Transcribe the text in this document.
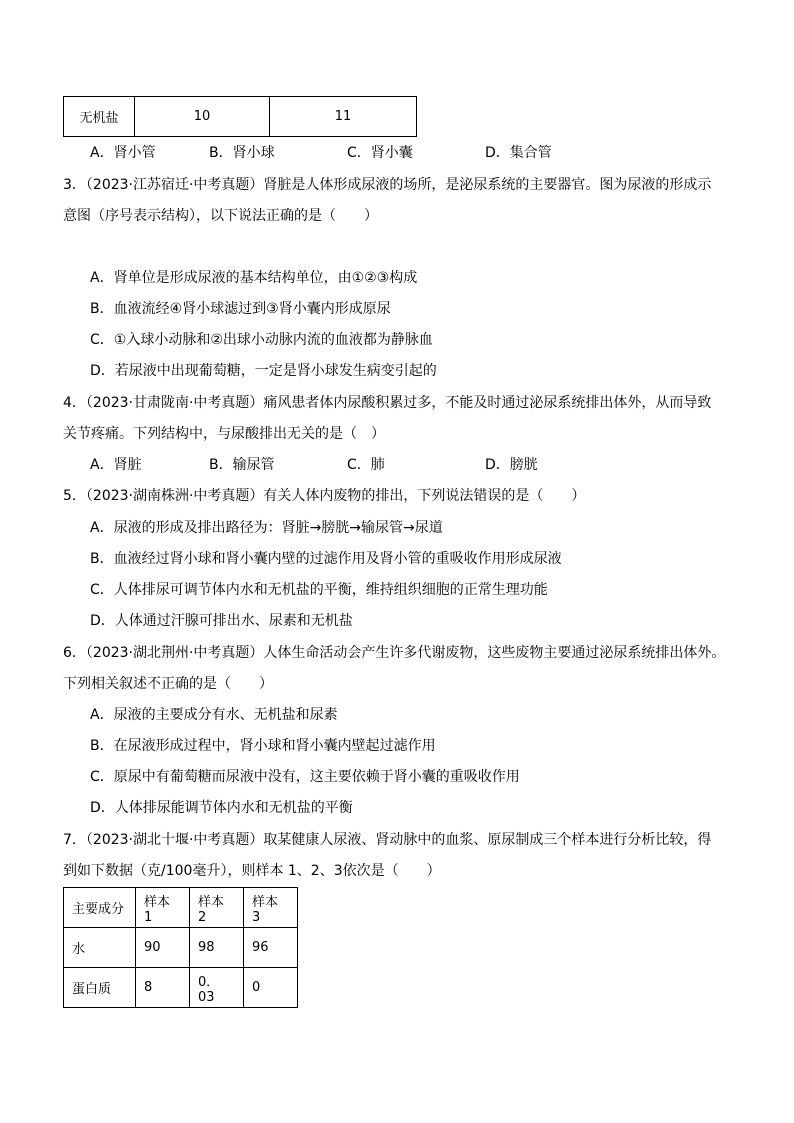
无机盐	10	11
A．肾小管	B．肾小球	C．肾小囊	D．集合管
3．（2023·江苏宿迁·中考真题）肾脏是人体形成尿液的场所，是泌尿系统的主要器官。图为尿液的形成示
意图（序号表示结构），以下说法正确的是（　　）
A．肾单位是形成尿液的基本结构单位，由①②③构成
B．血液流经④肾小球滤过到③肾小囊内形成原尿
C．①入球小动脉和②出球小动脉内流的血液都为静脉血
D．若尿液中出现葡萄糖，一定是肾小球发生病变引起的
4．（2023·甘肃陇南·中考真题）痛风患者体内尿酸积累过多，不能及时通过泌尿系统排出体外，从而导致
关节疼痛。下列结构中，与尿酸排出无关的是（　）
A．肾脏	B．输尿管	C．肺	D．膀胱
5．（2023·湖南株洲·中考真题）有关人体内废物的排出，下列说法错误的是（　　）
A．尿液的形成及排出路径为：肾脏→膀胱→输尿管→尿道
B．血液经过肾小球和肾小囊内壁的过滤作用及肾小管的重吸收作用形成尿液
C．人体排尿可调节体内水和无机盐的平衡，维持组织细胞的正常生理功能
D．人体通过汗腺可排出水、尿素和无机盐
6．（2023·湖北荆州·中考真题）人体生命活动会产生许多代谢废物，这些废物主要通过泌尿系统排出体外。
下列相关叙述不正确的是（　　）
A．尿液的主要成分有水、无机盐和尿素
B．在尿液形成过程中，肾小球和肾小囊内壁起过滤作用
C．原尿中有葡萄糖而尿液中没有，这主要依赖于肾小囊的重吸收作用
D．人体排尿能调节体内水和无机盐的平衡
7．（2023·湖北十堰·中考真题）取某健康人尿液、肾动脉中的血浆、原尿制成三个样本进行分析比较，得
到如下数据（克/100毫升），则样本 1、2、3依次是（　　）
主要成分	样本 1	样本 2	样本 3
水	90	98	96
蛋白质	8	0．03	0
